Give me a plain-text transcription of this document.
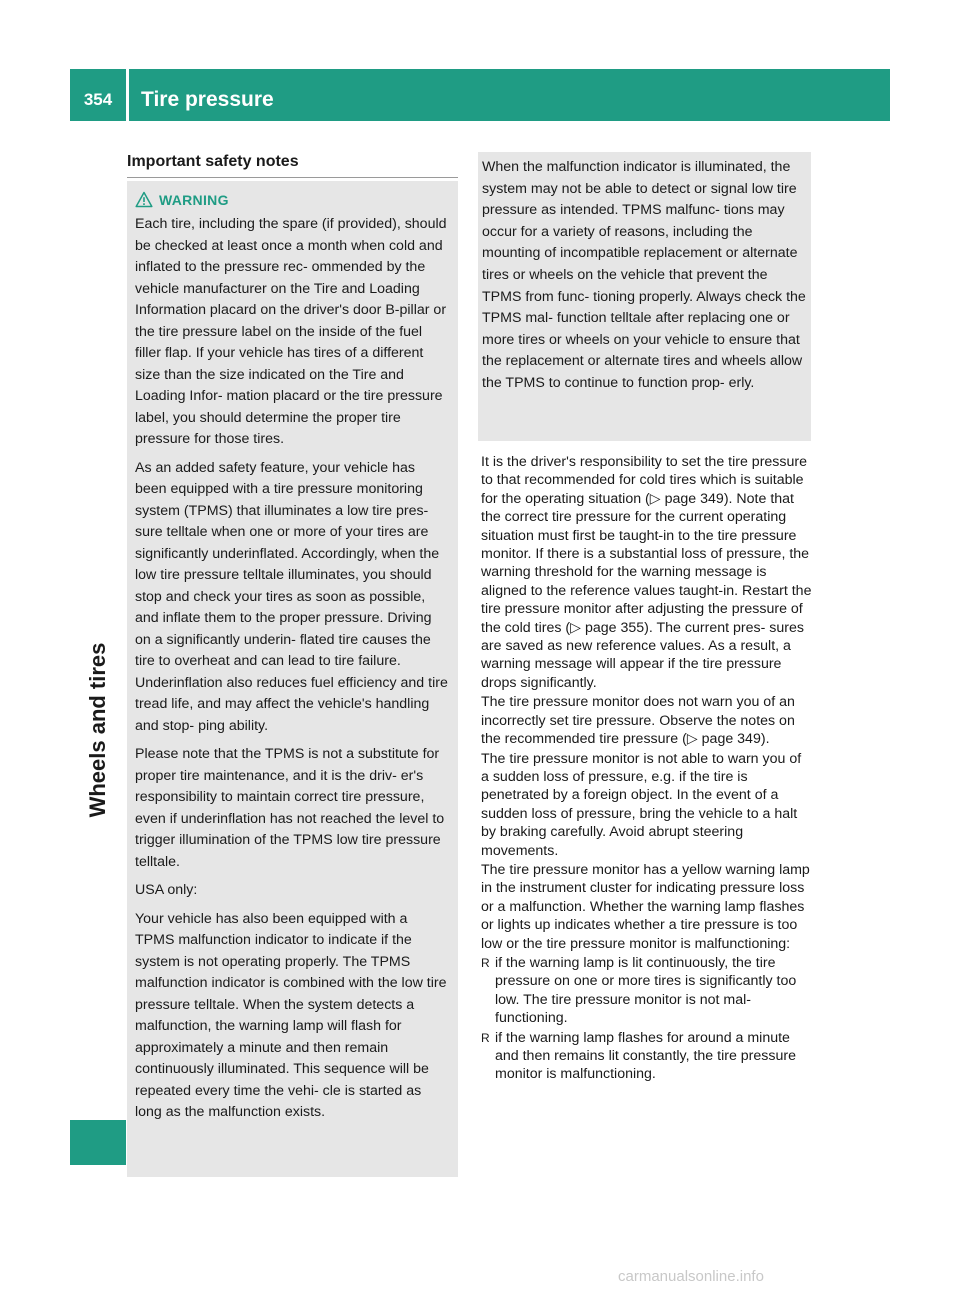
354	Tire pressure
Wheels and tires
Important safety notes
WARNING

Each tire, including the spare (if provided), should be checked at least once a month when cold and inflated to the pressure rec- ommended by the vehicle manufacturer on the Tire and Loading Information placard on the driver's door B-pillar or the tire pressure label on the inside of the fuel filler flap. If your vehicle has tires of a different size than the size indicated on the Tire and Loading Infor- mation placard or the tire pressure label, you should determine the proper tire pressure for those tires.

As an added safety feature, your vehicle has been equipped with a tire pressure monitoring system (TPMS) that illuminates a low tire pres- sure telltale when one or more of your tires are significantly underinflated. Accordingly, when the low tire pressure telltale illuminates, you should stop and check your tires as soon as possible, and inflate them to the proper pressure. Driving on a significantly underin- flated tire causes the tire to overheat and can lead to tire failure. Underinflation also reduces fuel efficiency and tire tread life, and may affect the vehicle's handling and stop- ping ability.

Please note that the TPMS is not a substitute for proper tire maintenance, and it is the driv- er's responsibility to maintain correct tire pressure, even if underinflation has not reached the level to trigger illumination of the TPMS low tire pressure telltale.

USA only:

Your vehicle has also been equipped with a TPMS malfunction indicator to indicate if the system is not operating properly. The TPMS malfunction indicator is combined with the low tire pressure telltale. When the system detects a malfunction, the warning lamp will flash for approximately a minute and then remain continuously illuminated. This sequence will be repeated every time the vehi- cle is started as long as the malfunction exists.

When the malfunction indicator is illuminated, the system may not be able to detect or signal low tire pressure as intended. TPMS malfunc- tions may occur for a variety of reasons, including the mounting of incompatible replacement or alternate tires or wheels on the vehicle that prevent the TPMS from func- tioning properly. Always check the TPMS mal- function telltale after replacing one or more tires or wheels on your vehicle to ensure that the replacement or alternate tires and wheels allow the TPMS to continue to function prop- erly.

It is the driver's responsibility to set the tire pressure to that recommended for cold tires which is suitable for the operating situation (▷ page 349). Note that the correct tire pressure for the current operating situation must first be taught-in to the tire pressure monitor. If there is a substantial loss of pressure, the warning threshold for the warning message is aligned to the reference values taught-in. Restart the tire pressure monitor after adjusting the pressure of the cold tires (▷ page 355). The current pres- sures are saved as new reference values. As a result, a warning message will appear if the tire pressure drops significantly.

The tire pressure monitor does not warn you of an incorrectly set tire pressure. Observe the notes on the recommended tire pressure (▷ page 349).

The tire pressure monitor is not able to warn you of a sudden loss of pressure, e.g. if the tire is penetrated by a foreign object. In the event of a sudden loss of pressure, bring the vehicle to a halt by braking carefully. Avoid abrupt steering movements.

The tire pressure monitor has a yellow warning lamp in the instrument cluster for indicating pressure loss or a malfunction. Whether the warning lamp flashes or lights up indicates whether a tire pressure is too low or the tire pressure monitor is malfunctioning:

R if the warning lamp is lit continuously, the tire pressure on one or more tires is significantly too low. The tire pressure monitor is not mal- functioning.
R if the warning lamp flashes for around a minute and then remains lit constantly, the tire pressure monitor is malfunctioning.
carmanualsonline.info
